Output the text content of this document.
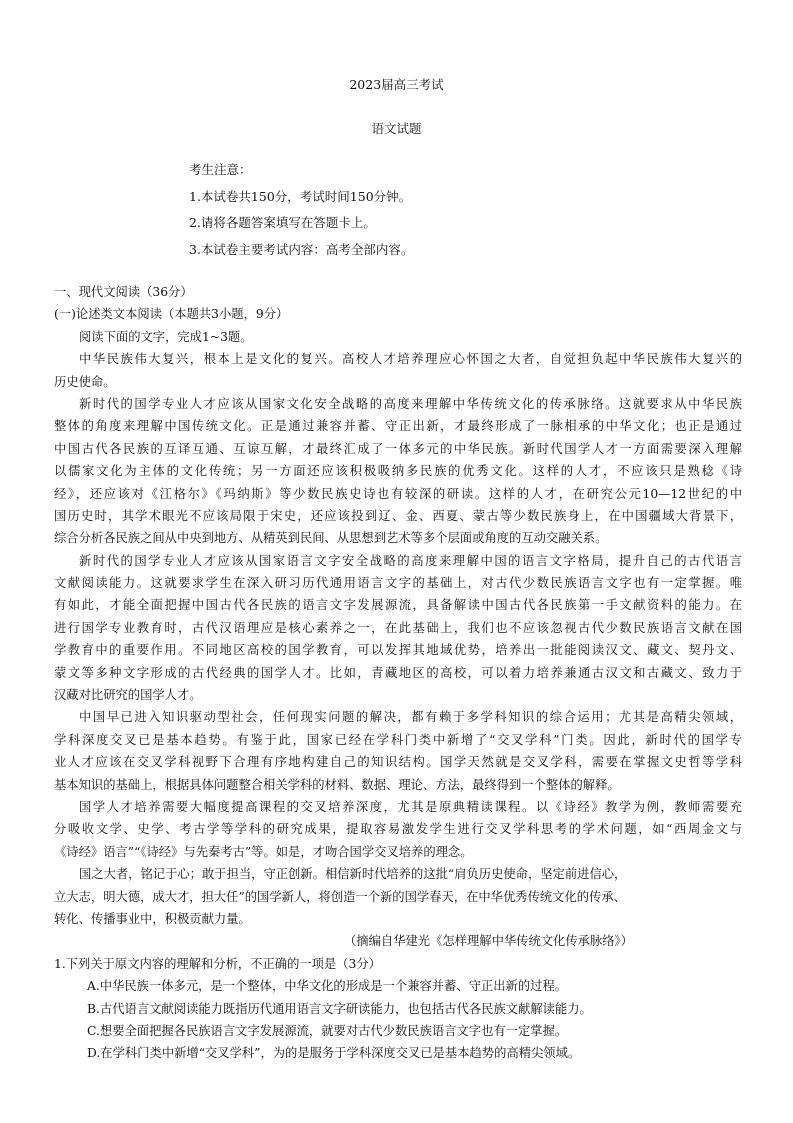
2023届高三考试
语文试题
考生注意：
1.本试卷共150分，考试时间150分钟。
2.请将各题答案填写在答题卡上。
3.本试卷主要考试内容：高考全部内容。
一、现代文阅读（36分）
(一)论述类文本阅读（本题共3小题，9分）
阅读下面的文字，完成1~3题。
中华民族伟大复兴，根本上是文化的复兴。高校人才培养理应心怀国之大者，自觉担负起中华民族伟大复兴的
历史使命。
新时代的国学专业人才应该从国家文化安全战略的高度来理解中华传统文化的传承脉络。这就要求从中华民族
整体的角度来理解中国传统文化。正是通过兼容并蓄、守正出新，才最终形成了一脉相承的中华文化；也正是通过
中国古代各民族的互译互通、互谅互解，才最终汇成了一体多元的中华民族。新时代国学人才一方面需要深入理解
以儒家文化为主体的文化传统；另一方面还应该积极吸纳多民族的优秀文化。这样的人才，不应该只是熟稔《诗
经》，还应该对《江格尔》《玛纳斯》等少数民族史诗也有较深的研读。这样的人才，在研究公元10—12世纪的中
国历史时，其学术眼光不应该局限于宋史，还应该投到辽、金、西夏、蒙古等少数民族身上，在中国疆域大背景下，
综合分析各民族之间从中央到地方、从精英到民间、从思想到艺术等多个层面或角度的互动交融关系。
新时代的国学专业人才应该从国家语言文字安全战略的高度来理解中国的语言文字格局，提升自己的古代语言
文献阅读能力。这就要求学生在深入研习历代通用语言文字的基础上，对古代少数民族语言文字也有一定掌握。唯
有如此，才能全面把握中国古代各民族的语言文字发展源流，具备解读中国古代各民族第一手文献资料的能力。在
进行国学专业教育时，古代汉语理应是核心素养之一，在此基础上，我们也不应该忽视古代少数民族语言文献在国
学教育中的重要作用。不同地区高校的国学教育，可以发挥其地域优势，培养出一批能阅读汉文、藏文、契丹文、
蒙文等多种文字形成的古代经典的国学人才。比如，青藏地区的高校，可以着力培养兼通古汉文和古藏文、致力于
汉藏对比研究的国学人才。
中国早已进入知识驱动型社会，任何现实问题的解决，都有赖于多学科知识的综合运用；尤其是高精尖领域，
学科深度交叉已是基本趋势。有鉴于此，国家已经在学科门类中新增了“交叉学科”门类。因此，新时代的国学专
业人才应该在交叉学科视野下合理有序地构建自己的知识结构。国学天然就是交叉学科，需要在掌握文史哲等学科
基本知识的基础上，根据具体问题整合相关学科的材料、数据、理论、方法，最终得到一个整体的解释。
国学人才培养需要大幅度提高课程的交叉培养深度，尤其是原典精读课程。以《诗经》教学为例，教师需要充
分吸收文学、史学、考古学等学科的研究成果，提取容易激发学生进行交叉学科思考的学术问题，如“西周金文与
《诗经》语言”“《诗经》与先秦考古”等。如是，才吻合国学交叉培养的理念。
国之大者，铭记于心；敢于担当，守正创新。相信新时代培养的这批“肩负历史使命，坚定前进信心，
立大志，明大德，成大才，担大任”的国学新人，将创造一个新的国学春天，在中华优秀传统文化的传承、
转化、传播事业中，积极贡献力量。
（摘编自华建光《怎样理解中华传统文化传承脉络》）
1.下列关于原文内容的理解和分析，不正确的一项是（3分）
A.中华民族一体多元，是一个整体，中华文化的形成是一个兼容并蓄、守正出新的过程。
B.古代语言文献阅读能力既指历代通用语言文字研读能力，也包括古代各民族文献解读能力。
C.想要全面把握各民族语言文字发展源流，就要对古代少数民族语言文字也有一定掌握。
D.在学科门类中新增“交叉学科”，为的是服务于学科深度交叉已是基本趋势的高精尖领域。
